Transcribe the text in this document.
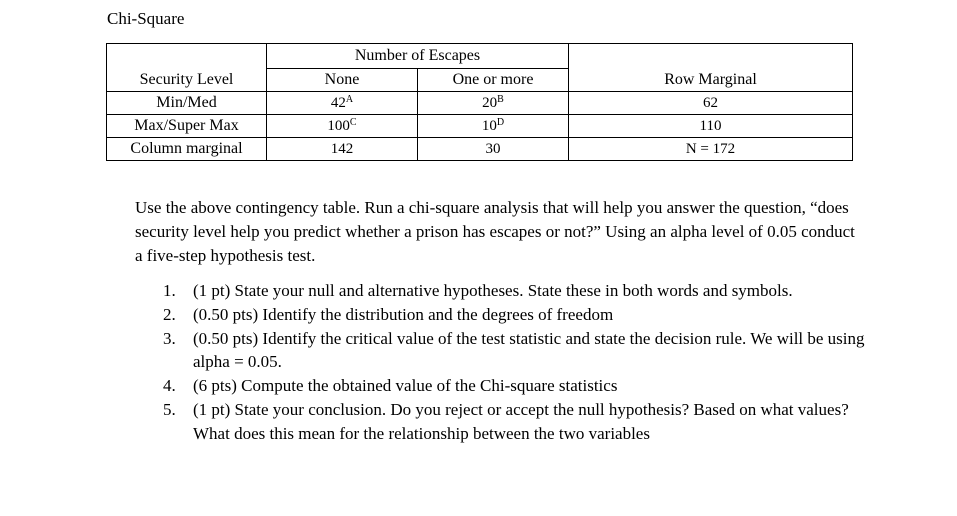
Chi-Square
	Number of Escapes		
Security Level	None	One or more	Row Marginal
Min/Med	$42^A$	$20^B$	62
Max/Super Max	$100^C$	$10^D$	110
Column marginal	142	30	N = 172
Use the above contingency table. Run a chi-square analysis that will help you answer the question, “does security level help you predict whether a prison has escapes or not?” Using an alpha level of 0.05 conduct a five-step hypothesis test.
1. (1 pt) State your null and alternative hypotheses. State these in both words and symbols.
2. (0.50 pts) Identify the distribution and the degrees of freedom
3. (0.50 pts) Identify the critical value of the test statistic and state the decision rule. We will be using alpha = 0.05.
4. (6 pts) Compute the obtained value of the Chi-square statistics
5. (1 pt) State your conclusion. Do you reject or accept the null hypothesis? Based on what values? What does this mean for the relationship between the two variables
